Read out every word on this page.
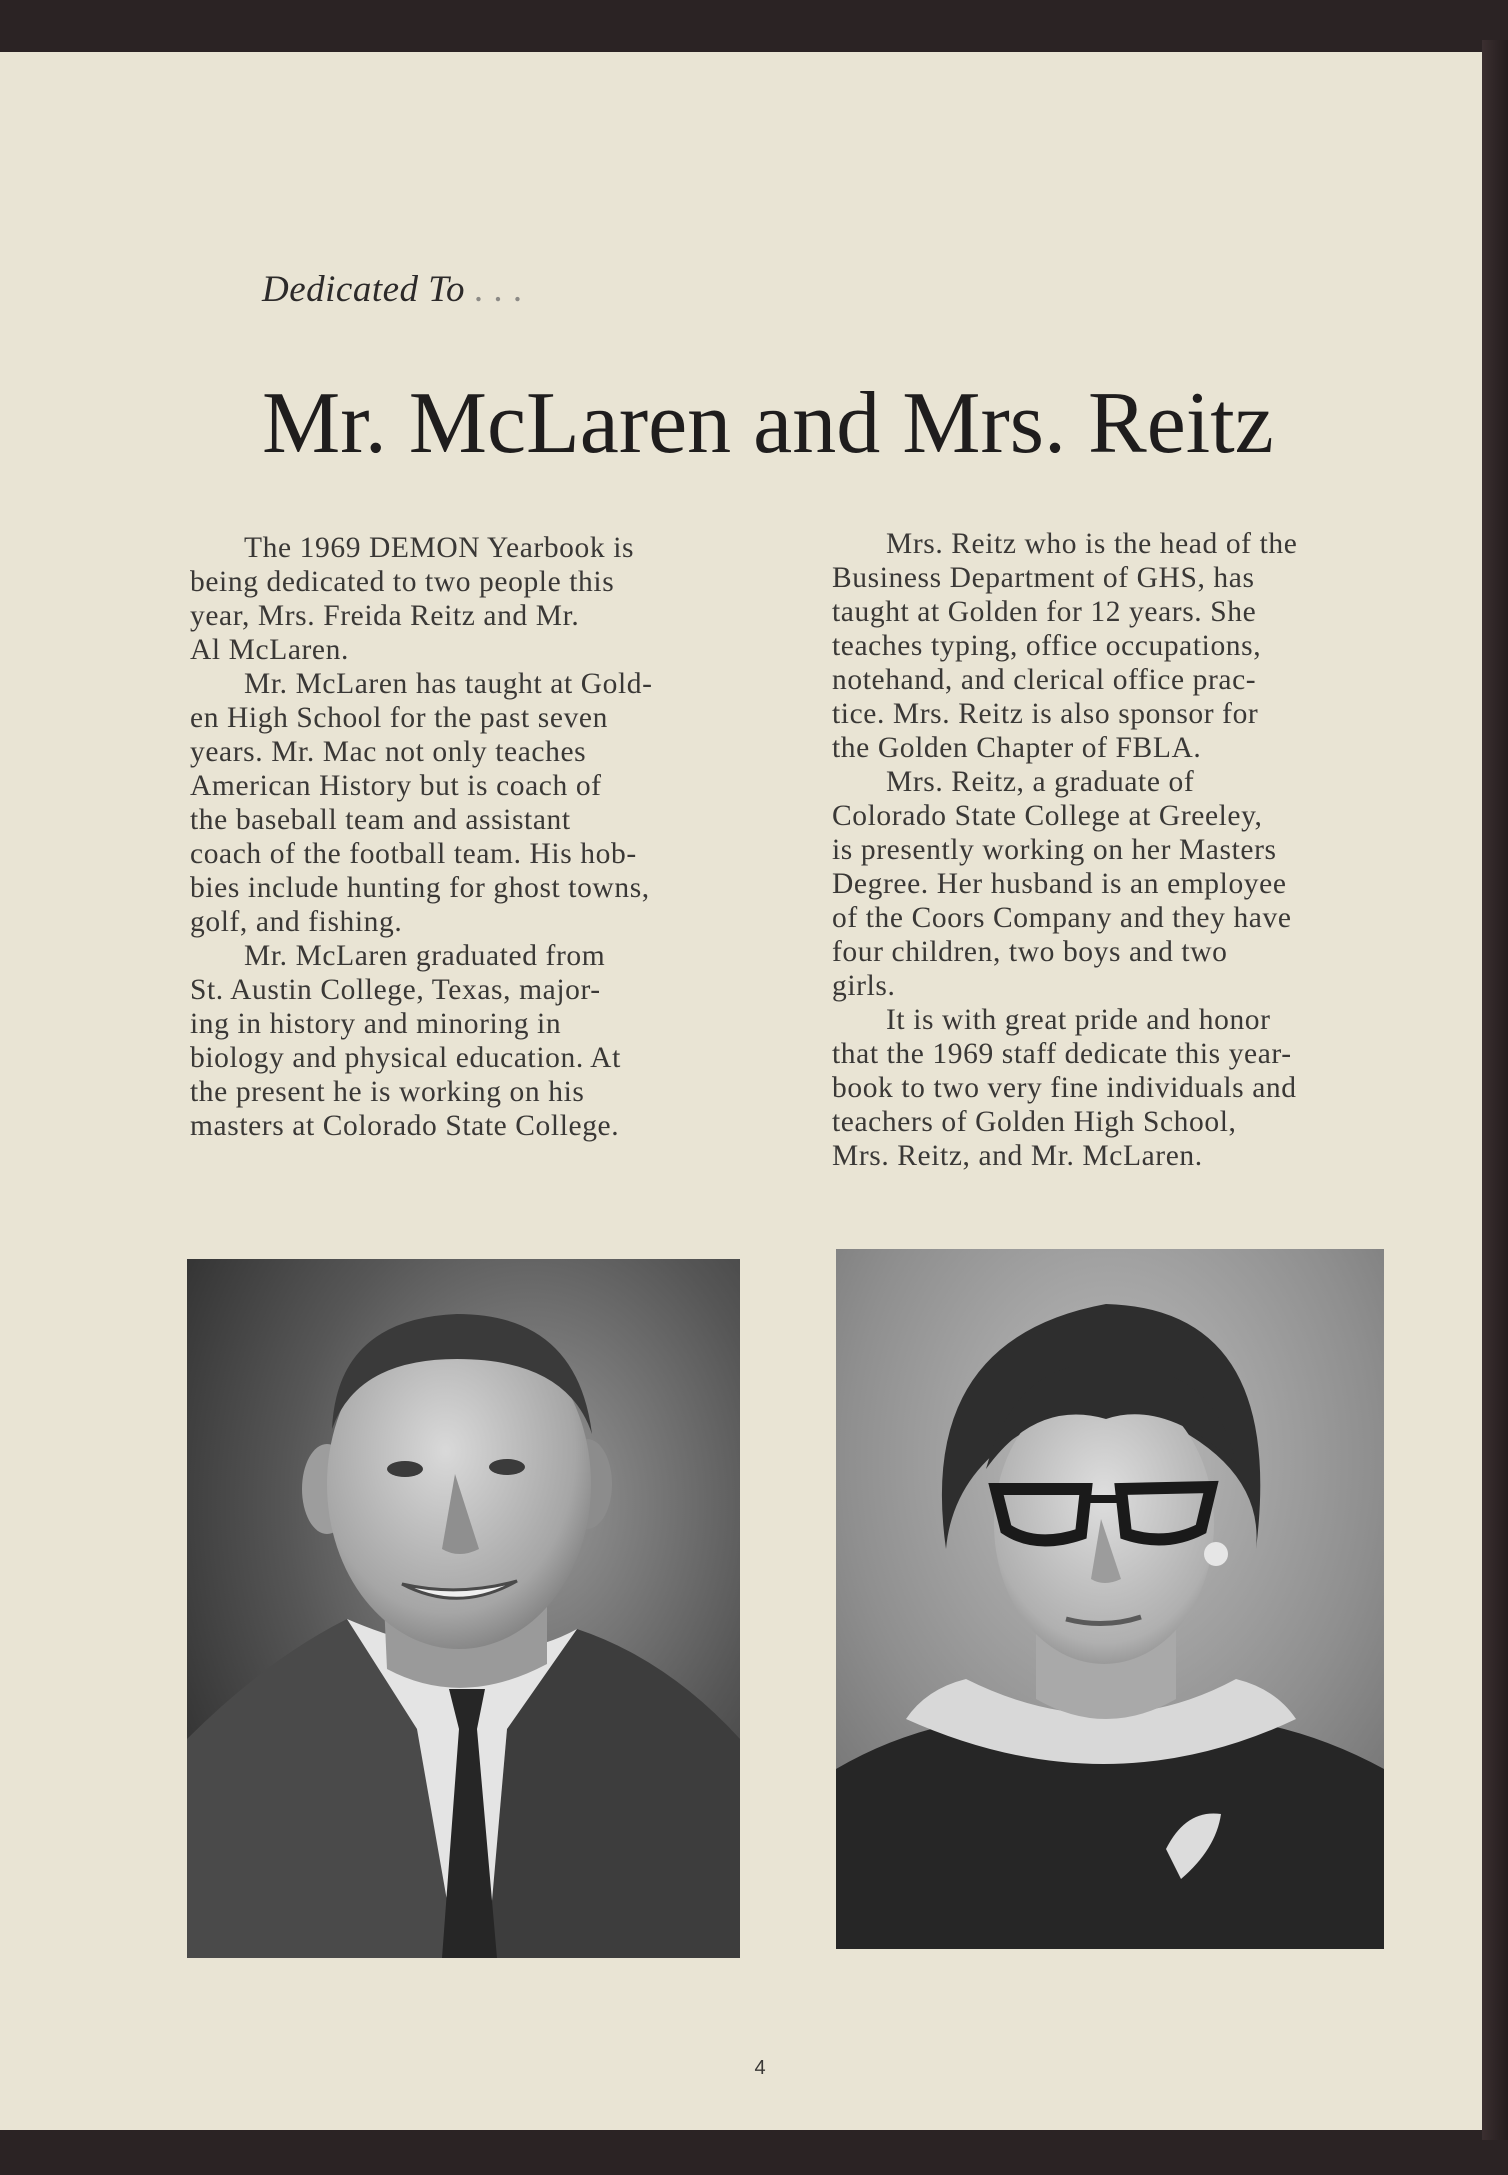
Dedicated To . . .
Mr. McLaren and Mrs. Reitz

The 1969 DEMON Yearbook is

being dedicated to two people this

year, Mrs. Freida Reitz and Mr.

Al McLaren.

Mr. McLaren has taught at Gold-

en High School for the past seven

years. Mr. Mac not only teaches

American History but is coach of

the baseball team and assistant

coach of the football team. His hob-

bies include hunting for ghost towns,

golf, and fishing.

Mr. McLaren graduated from

St. Austin College, Texas, major-

ing in history and minoring in

biology and physical education. At

the present he is working on his

masters at Colorado State College.

Mrs. Reitz who is the head of the

Business Department of GHS, has

taught at Golden for 12 years. She

teaches typing, office occupations,

notehand, and clerical office prac-

tice. Mrs. Reitz is also sponsor for

the Golden Chapter of FBLA.

Mrs. Reitz, a graduate of

Colorado State College at Greeley,

is presently working on her Masters

Degree. Her husband is an employee

of the Coors Company and they have

four children, two boys and two

girls.

It is with great pride and honor

that the 1969 staff dedicate this year-

book to two very fine individuals and

teachers of Golden High School,

Mrs. Reitz, and Mr. McLaren.

4
